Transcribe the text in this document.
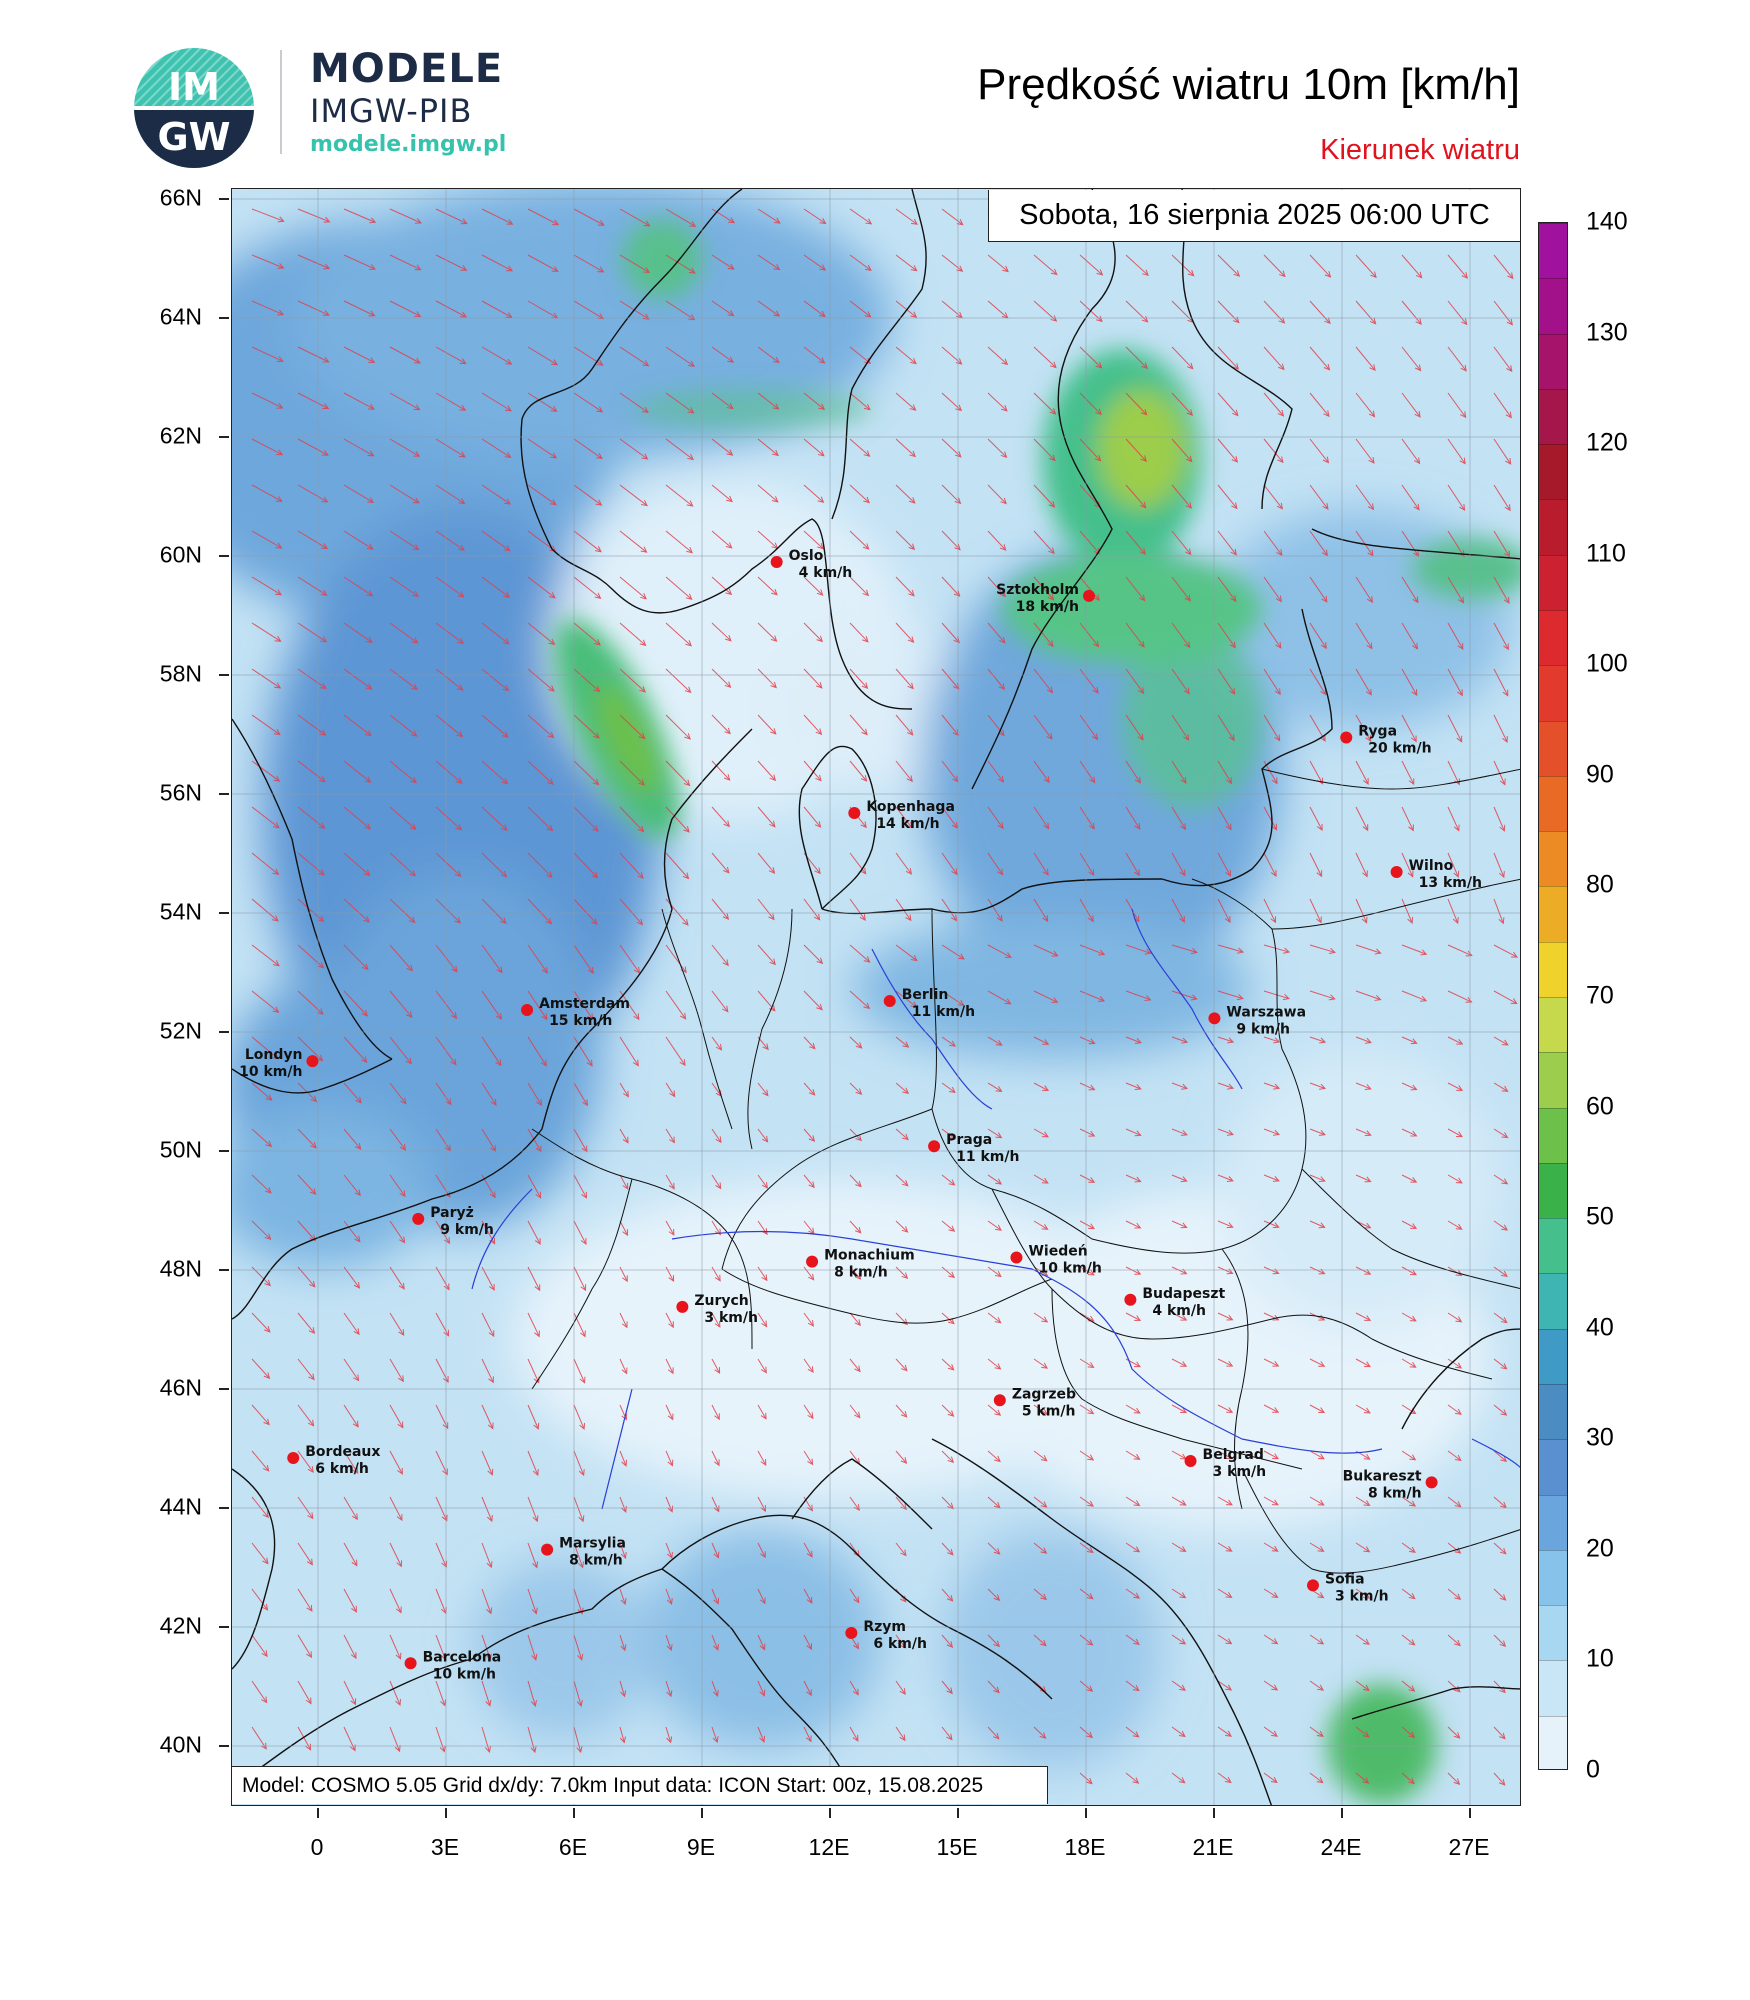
IM
GW
MODELE
IMGW-PIB
modele.imgw.pl
Prędkość wiatru 10m [km/h]
Kierunek wiatru
Oslo
4 km/h
Sztokholm
18 km/h
Ryga
20 km/h
Kopenhaga
14 km/h
Wilno
13 km/h
Amsterdam
15 km/h
Berlin
11 km/h	Warszawa
9 km/h
Londyn
10 km/h
Praga
11 km/h
Paryż
9 km/h
Monachium
8 km/h
Wiedeń
10 km/h
Zurych
3 km/h
Budapeszt
4 km/h
Zagrzeb
5 km/h
Bordeaux
6 km/h
Belgrad
3 km/h	Bukareszt
8 km/h
Marsylia
8 km/h
Sofia
3 km/h
Rzym
6 km/h
Barcelona
10 km/h
Sobota, 16 sierpnia 2025 06:00 UTC
Model: COSMO 5.05 Grid dx/dy: 7.0km Input data: ICON Start: 00z, 15.08.2025
66N
64N
62N
60N
58N
56N
54N
52N
50N
48N
46N
44N
42N
40N
0	3E	6E	9E	12E	15E	18E	21E	24E	27E
140
130
120
110
100
90
80
70
60
50
40
30
20
10
0
